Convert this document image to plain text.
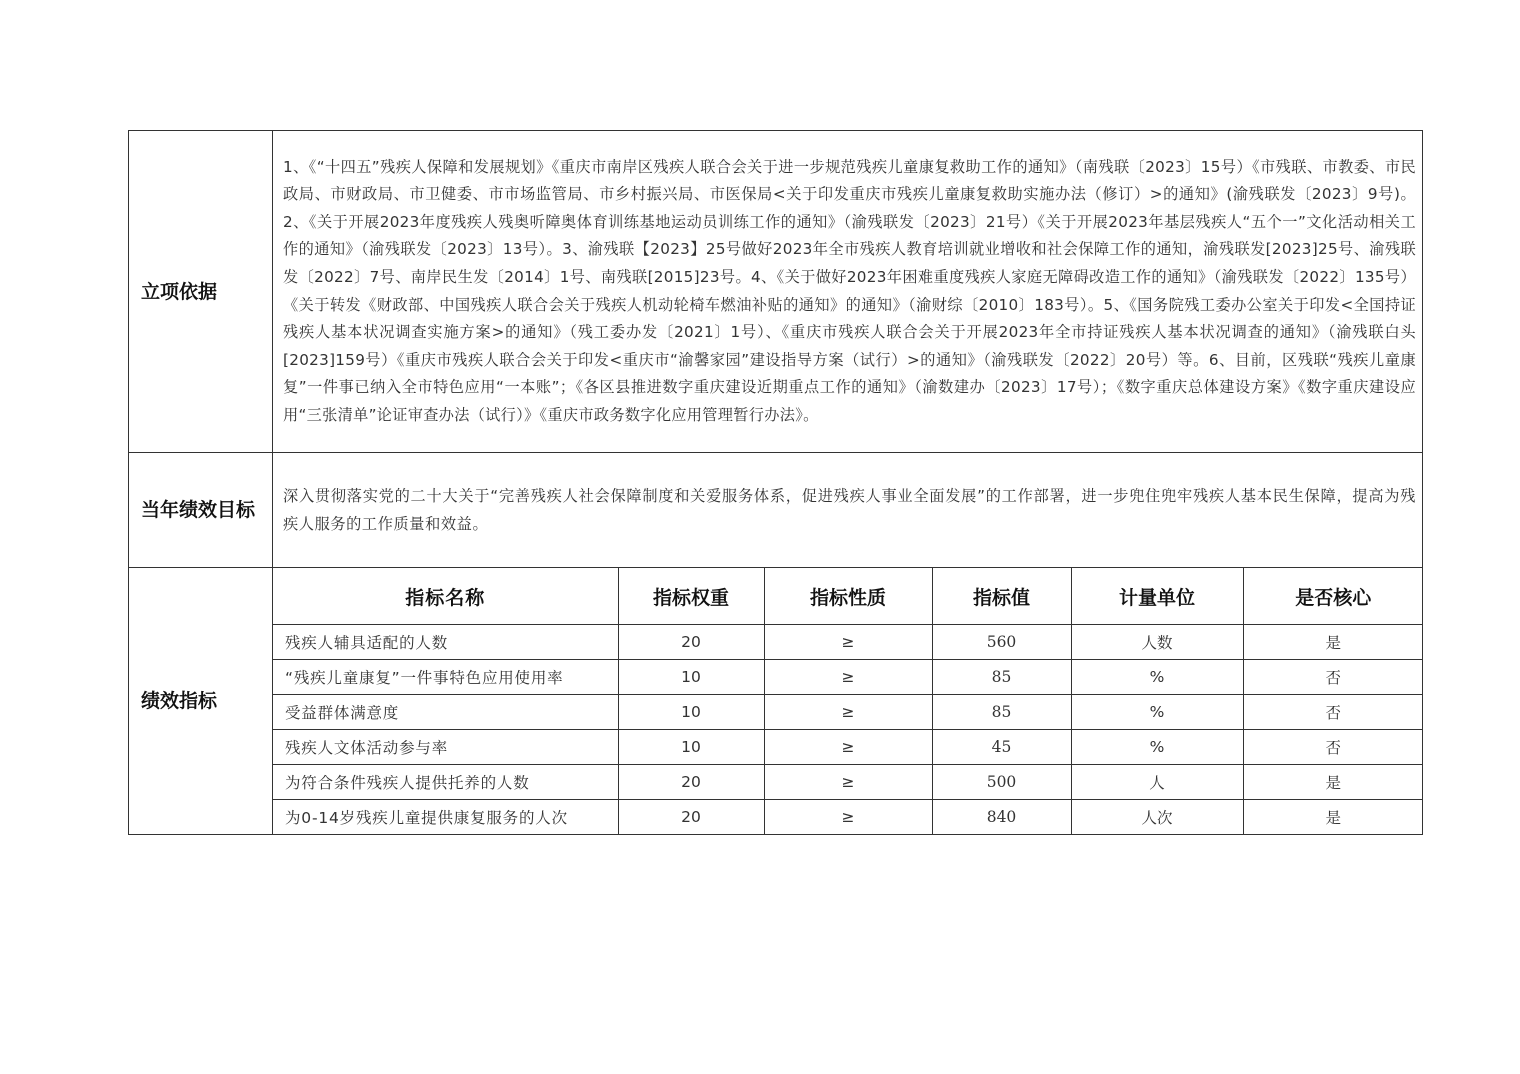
立项依据	1、《“十四五”残疾人保障和发展规划》《重庆市南岸区残疾人联合会关于进一步规范残疾儿童康复救助工作的通知》（南残联〔2023〕15号）《市残联、市教委、市民政局、市财政局、市卫健委、市市场监管局、市乡村振兴局、市医保局<关于印发重庆市残疾儿童康复救助实施办法（修订）>的通知》(渝残联发〔2023〕9号)。2、《关于开展2023年度残疾人残奥听障奥体育训练基地运动员训练工作的通知》（渝残联发〔2023〕21号）《关于开展2023年基层残疾人“五个一”文化活动相关工作的通知》（渝残联发〔2023〕13号）。3、渝残联【2023】25号做好2023年全市残疾人教育培训就业增收和社会保障工作的通知，渝残联发[2023]25号、渝残联发〔2022〕7号、南岸民生发〔2014〕1号、南残联[2015]23号。4、《关于做好2023年困难重度残疾人家庭无障碍改造工作的通知》（渝残联发〔2022〕135号）《关于转发《财政部、中国残疾人联合会关于残疾人机动轮椅车燃油补贴的通知》的通知》（渝财综〔2010〕183号）。5、《国务院残工委办公室关于印发<全国持证残疾人基本状况调查实施方案>的通知》（残工委办发〔2021〕1号）、《重庆市残疾人联合会关于开展2023年全市持证残疾人基本状况调查的通知》（渝残联白头[2023]159号）《重庆市残疾人联合会关于印发<重庆市“渝馨家园”建设指导方案（试行）>的通知》（渝残联发〔2022〕20号）等。6、目前，区残联“残疾儿童康复”一件事已纳入全市特色应用“一本账”；《各区县推进数字重庆建设近期重点工作的通知》（渝数建办〔2023〕17号）；《数字重庆总体建设方案》《数字重庆建设应用“三张清单”论证审查办法（试行）》《重庆市政务数字化应用管理暂行办法》。
当年绩效目标	深入贯彻落实党的二十大关于“完善残疾人社会保障制度和关爱服务体系，促进残疾人事业全面发展”的工作部署，进一步兜住兜牢残疾人基本民生保障，提高为残疾人服务的工作质量和效益。
绩效指标	
指标名称	指标权重	指标性质	指标值	计量单位	是否核心
残疾人辅具适配的人数	20	≥	560	人数	是
“残疾儿童康复”一件事特色应用使用率	10	≥	85	%	否
受益群体满意度	10	≥	85	%	否
残疾人文体活动参与率	10	≥	45	%	否
为符合条件残疾人提供托养的人数	20	≥	500	人	是
为0-14岁残疾儿童提供康复服务的人次	20	≥	840	人次	是
